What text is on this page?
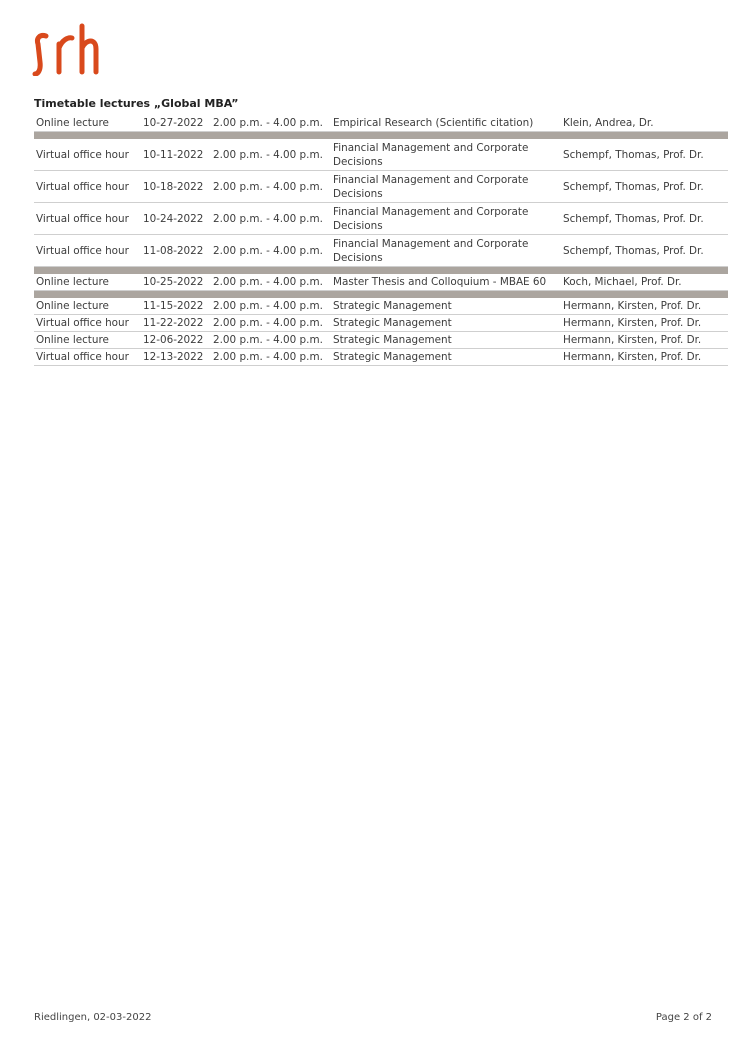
Timetable lectures „Global MBA”
Online lecture	10-27-2022	2.00 p.m. - 4.00 p.m.	Empirical Research (Scientific citation)	Klein, Andrea, Dr.

Virtual office hour	10-11-2022	2.00 p.m. - 4.00 p.m.	Financial Management and Corporate Decisions	Schempf, Thomas, Prof. Dr.
Virtual office hour	10-18-2022	2.00 p.m. - 4.00 p.m.	Financial Management and Corporate Decisions	Schempf, Thomas, Prof. Dr.
Virtual office hour	10-24-2022	2.00 p.m. - 4.00 p.m.	Financial Management and Corporate Decisions	Schempf, Thomas, Prof. Dr.
Virtual office hour	11-08-2022	2.00 p.m. - 4.00 p.m.	Financial Management and Corporate Decisions	Schempf, Thomas, Prof. Dr.

Online lecture	10-25-2022	2.00 p.m. - 4.00 p.m.	Master Thesis and Colloquium - MBAE 60	Koch, Michael, Prof. Dr.

Online lecture	11-15-2022	2.00 p.m. - 4.00 p.m.	Strategic Management	Hermann, Kirsten, Prof. Dr.
Virtual office hour	11-22-2022	2.00 p.m. - 4.00 p.m.	Strategic Management	Hermann, Kirsten, Prof. Dr.
Online lecture	12-06-2022	2.00 p.m. - 4.00 p.m.	Strategic Management	Hermann, Kirsten, Prof. Dr.
Virtual office hour	12-13-2022	2.00 p.m. - 4.00 p.m.	Strategic Management	Hermann, Kirsten, Prof. Dr.
Riedlingen, 02-03-2022	Page 2 of 2
